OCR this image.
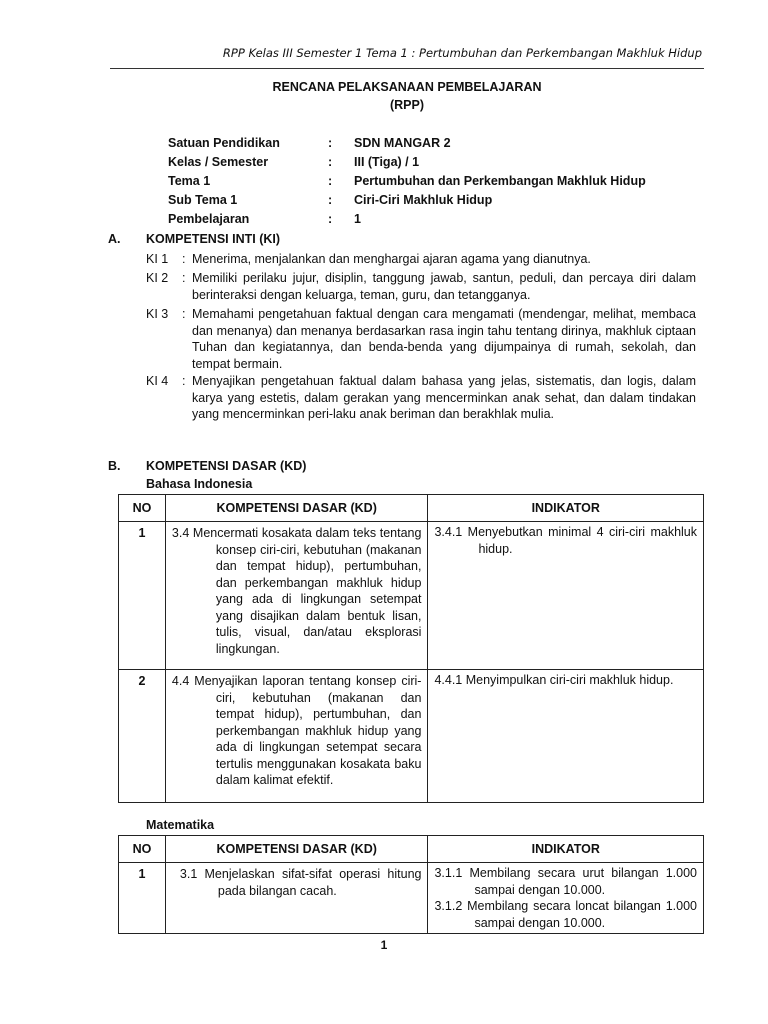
RPP Kelas III Semester 1 Tema 1 : Pertumbuhan dan Perkembangan Makhluk Hidup
RENCANA PELAKSANAAN PEMBELAJARAN
(RPP)
Satuan Pendidikan	: SDN MANGAR 2
Kelas / Semester	: III (Tiga) / 1
Tema 1	: Pertumbuhan dan Perkembangan Makhluk Hidup
Sub Tema 1	: Ciri-Ciri Makhluk Hidup
Pembelajaran	: 1
A. KOMPETENSI INTI (KI)
KI 1 : Menerima, menjalankan dan menghargai ajaran agama yang dianutnya.
KI 2 : Memiliki perilaku jujur, disiplin, tanggung jawab, santun, peduli, dan percaya diri dalam berinteraksi dengan keluarga, teman, guru, dan tetangganya.
KI 3 : Memahami pengetahuan faktual dengan cara mengamati (mendengar, melihat, membaca dan menanya) dan menanya berdasarkan rasa ingin tahu tentang dirinya, makhluk ciptaan Tuhan dan kegiatannya, dan benda-benda yang dijumpainya di rumah, sekolah, dan tempat bermain.
KI 4 : Menyajikan pengetahuan faktual dalam bahasa yang jelas, sistematis, dan logis, dalam karya yang estetis, dalam gerakan yang mencerminkan anak sehat, dan dalam tindakan yang mencerminkan peri-laku anak beriman dan berakhlak mulia.
B. KOMPETENSI DASAR (KD)
Bahasa Indonesia
NO	KOMPETENSI DASAR (KD)	INDIKATOR
1	3.4 Mencermati kosakata dalam teks tentang konsep ciri-ciri, kebutuhan (makanan dan tempat hidup), pertumbuhan, dan perkembangan makhluk hidup yang ada di lingkungan setempat yang disajikan dalam bentuk lisan, tulis, visual, dan/atau eksplorasi lingkungan.	3.4.1 Menyebutkan minimal 4 ciri-ciri makhluk hidup.

2	4.4 Menyajikan laporan tentang konsep ciri-ciri, kebutuhan (makanan dan tempat hidup), pertumbuhan, dan perkembangan makhluk hidup yang ada di lingkungan setempat secara tertulis menggunakan kosakata baku dalam kalimat efektif.	4.4.1 Menyimpulkan ciri-ciri makhluk hidup.
Matematika
NO	KOMPETENSI DASAR (KD)	INDIKATOR
1	3.1 Menjelaskan sifat-sifat operasi hitung pada bilangan cacah.	3.1.1 Membilang secara urut bilangan 1.000 sampai dengan 10.000.
3.1.2 Membilang secara loncat bilangan 1.000 sampai dengan 10.000.
1
